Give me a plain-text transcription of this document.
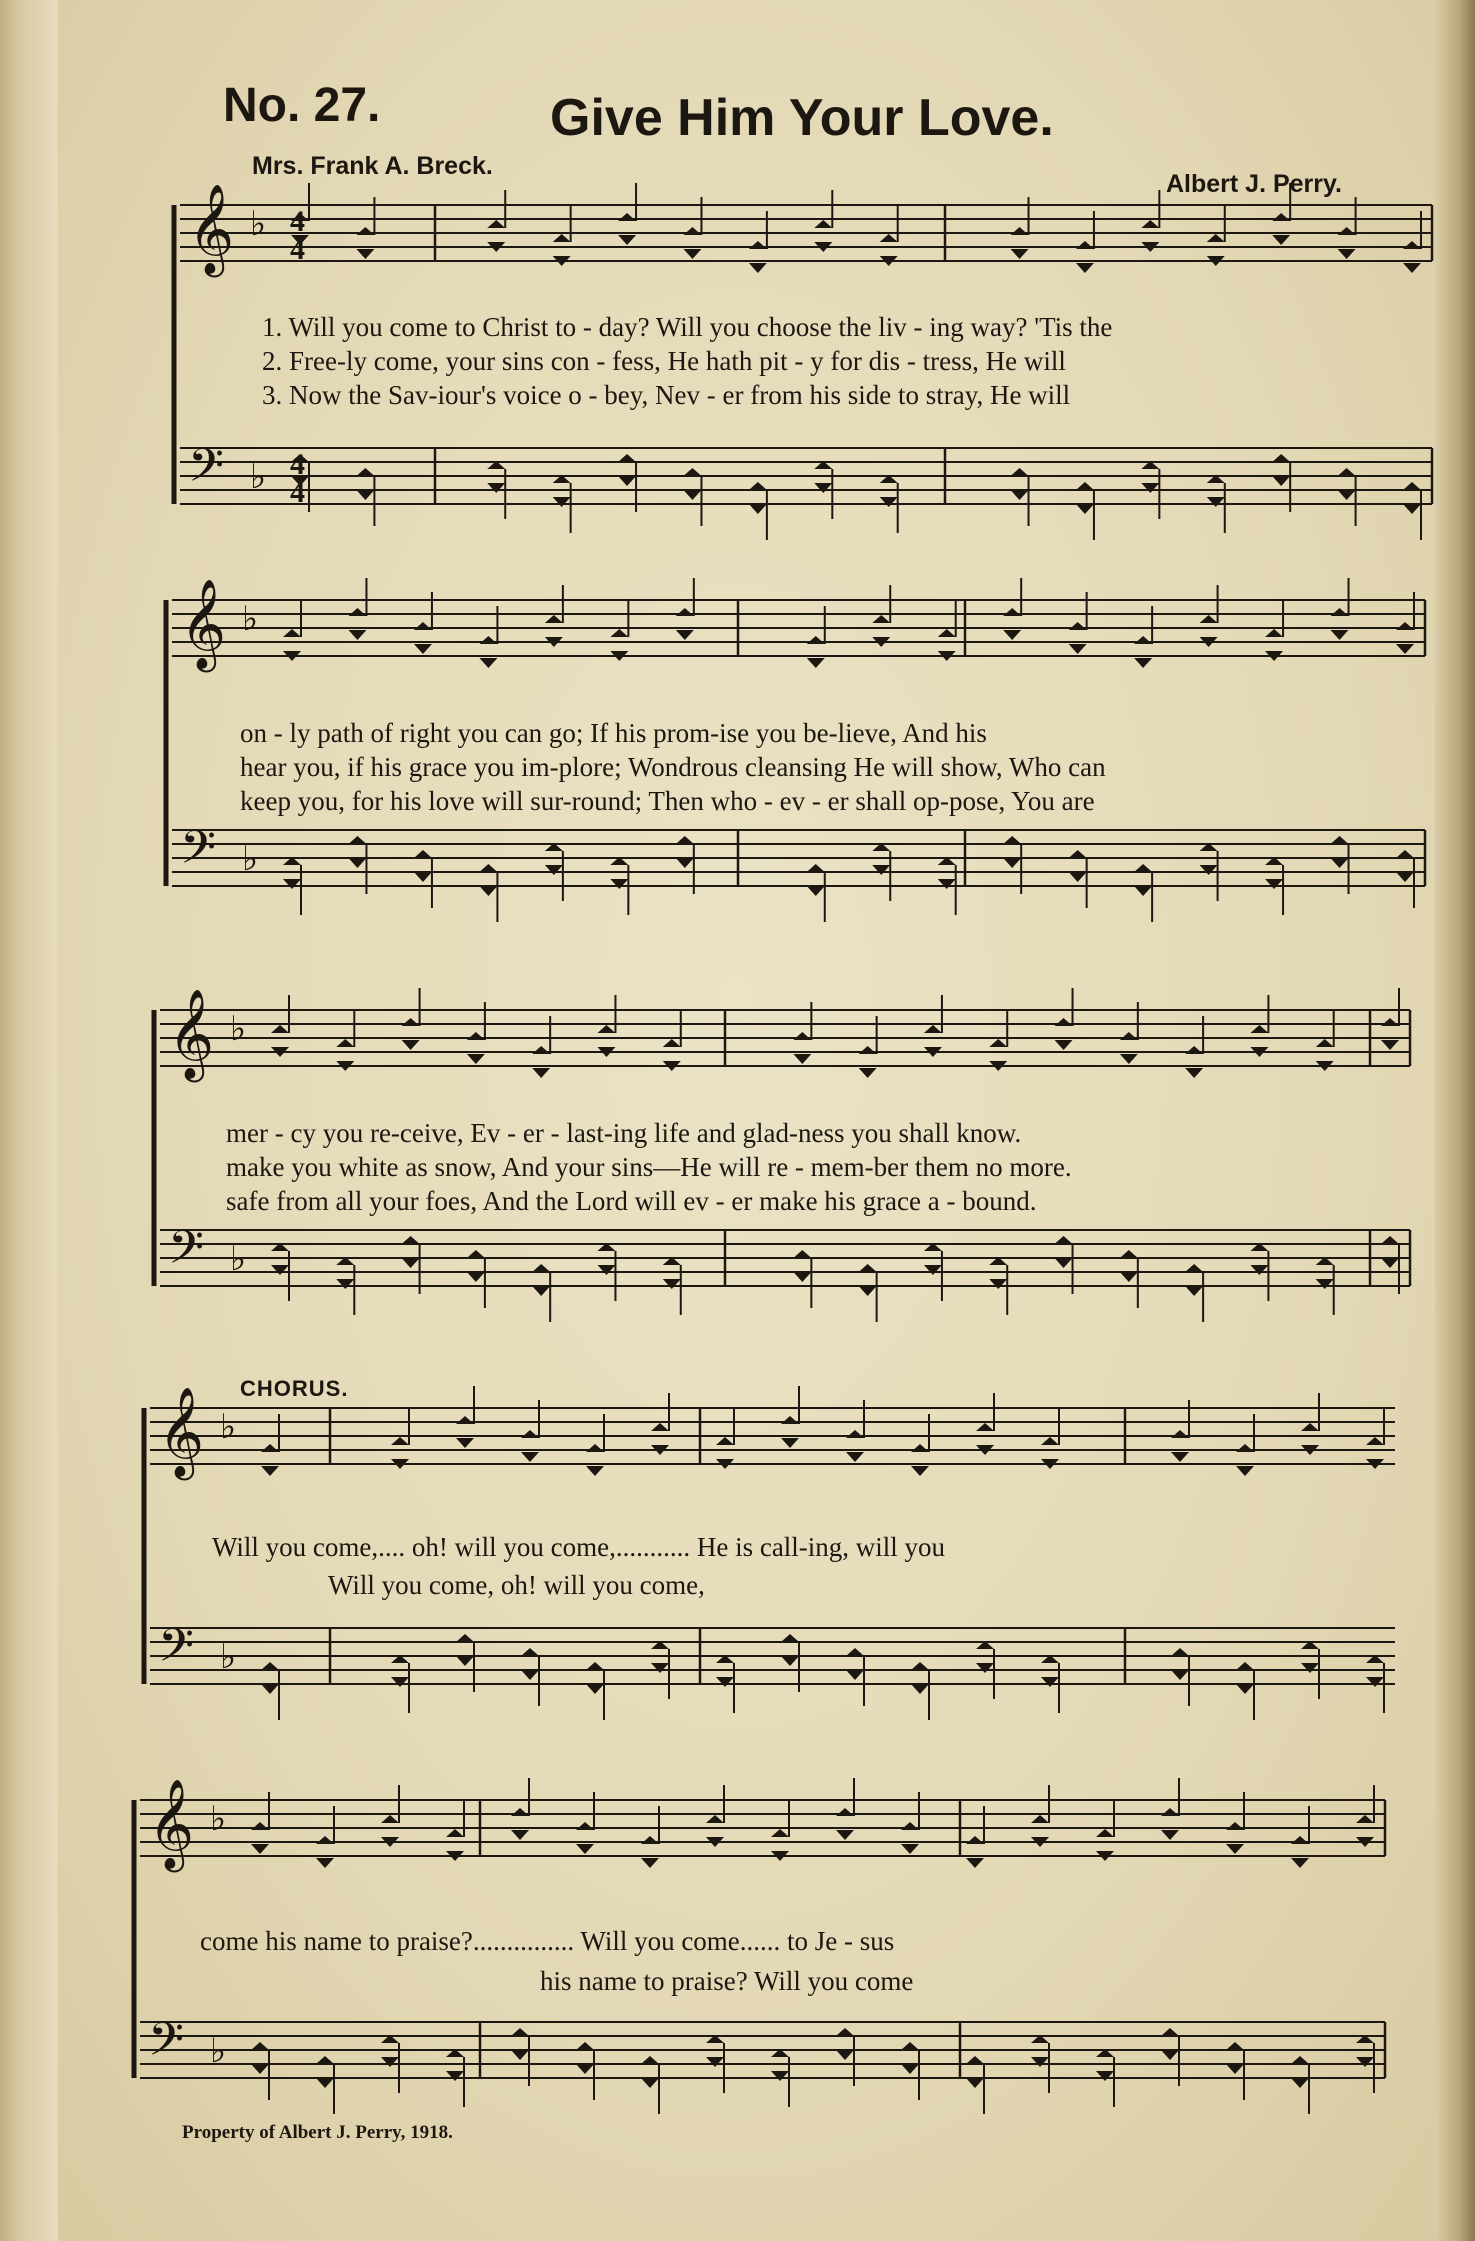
𝄞 ♭
𝄢 ♭
𝄞 ♭
𝄢 ♭
𝄞 ♭
𝄢 ♭
𝄞 ♭
𝄢 ♭
𝄞 ♭
𝄢 ♭
4
4
4
4
No. 27.	Give Him Your Love.
Mrs. Frank A. Breck.
Albert J. Perry.
1. Will you come to Christ to - day? Will you choose the liv - ing way? 'Tis the
2. Free-ly come, your sins con - fess, He hath pit - y for dis - tress, He will
3. Now the Sav-iour's voice o - bey, Nev - er from his side to stray, He will
on - ly path of right you can go; If his prom-ise you be-lieve, And his
hear you, if his grace you im-plore; Wondrous cleansing He will show, Who can
keep you, for his love will sur-round; Then who - ev - er shall op-pose, You are
mer - cy you re-ceive, Ev - er - last-ing life and glad-ness you shall know.
make you white as snow, And your sins—He will re - mem-ber them no more.
safe from all your foes, And the Lord will ev - er make his grace a - bound.
CHORUS.
Will you come,.... oh! will you come,........... He is call-ing, will you
Will you come, oh! will you come,
come his name to praise?............... Will you come...... to Je - sus
his name to praise? Will you come
Property of Albert J. Perry, 1918.
